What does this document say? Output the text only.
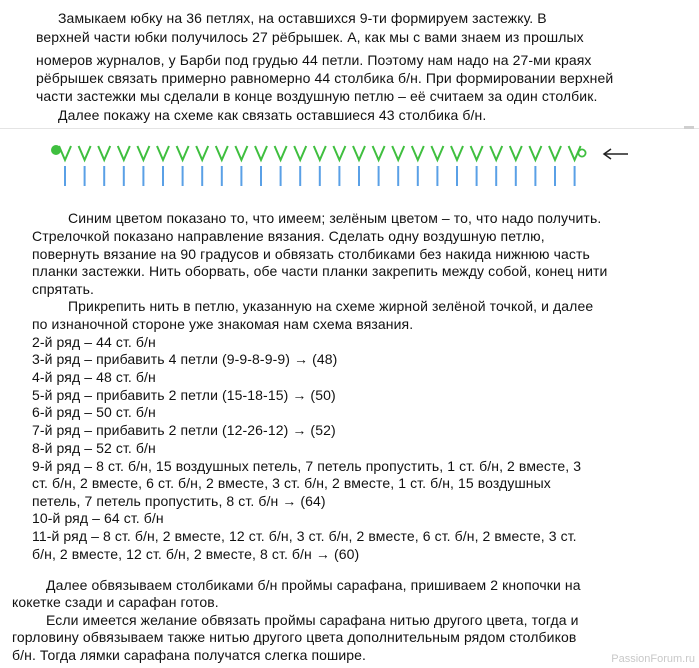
Замыкаем юбку на 36 петлях, на оставшихся 9-ти формируем застежку. В
верхней части юбки получилось 27 рёбрышек. А, как мы с вами знаем из прошлых
номеров журналов, у Барби под грудью 44 петли. Поэтому нам надо на 27-ми краях
рёбрышек связать примерно равномерно 44 столбика б/н. При формировании верхней
части застежки мы сделали в конце воздушную петлю – её считаем за один столбик.
Далее покажу на схеме как связать оставшиеся 43 столбика б/н.
Синим цветом показано то, что имеем; зелёным цветом – то, что надо получить.
Стрелочкой показано направление вязания. Сделать одну воздушную петлю,
повернуть вязание на 90 градусов и обвязать столбиками без накида нижнюю часть
планки застежки. Нить оборвать, обе части планки закрепить между собой, конец нити
спрятать.
Прикрепить нить в петлю, указанную на схеме жирной зелёной точкой, и далее
по изнаночной стороне уже знакомая нам схема вязания.
2-й ряд – 44 ст. б/н
3-й ряд – прибавить 4 петли (9-9-8-9-9) → (48)
4-й ряд – 48 ст. б/н
5-й ряд – прибавить 2 петли (15-18-15) → (50)
6-й ряд – 50 ст. б/н
7-й ряд – прибавить 2 петли (12-26-12) → (52)
8-й ряд – 52 ст. б/н
9-й ряд – 8 ст. б/н, 15 воздушных петель, 7 петель пропустить, 1 ст. б/н, 2 вместе, 3
ст. б/н, 2 вместе, 6 ст. б/н, 2 вместе, 3 ст. б/н, 2 вместе, 1 ст. б/н, 15 воздушных
петель, 7 петель пропустить, 8 ст. б/н → (64)
10-й ряд – 64 ст. б/н
11-й ряд – 8 ст. б/н, 2 вместе, 12 ст. б/н, 3 ст. б/н, 2 вместе, 6 ст. б/н, 2 вместе, 3 ст.
б/н, 2 вместе, 12 ст. б/н, 2 вместе, 8 ст. б/н → (60)
Далее обвязываем столбиками б/н проймы сарафана, пришиваем 2 кнопочки на
кокетке сзади и сарафан готов.
Если имеется желание обвязать проймы сарафана нитью другого цвета, тогда и
горловину обвязываем также нитью другого цвета дополнительным рядом столбиков
б/н. Тогда лямки сарафана получатся слегка пошире.	PassionForum.ru
